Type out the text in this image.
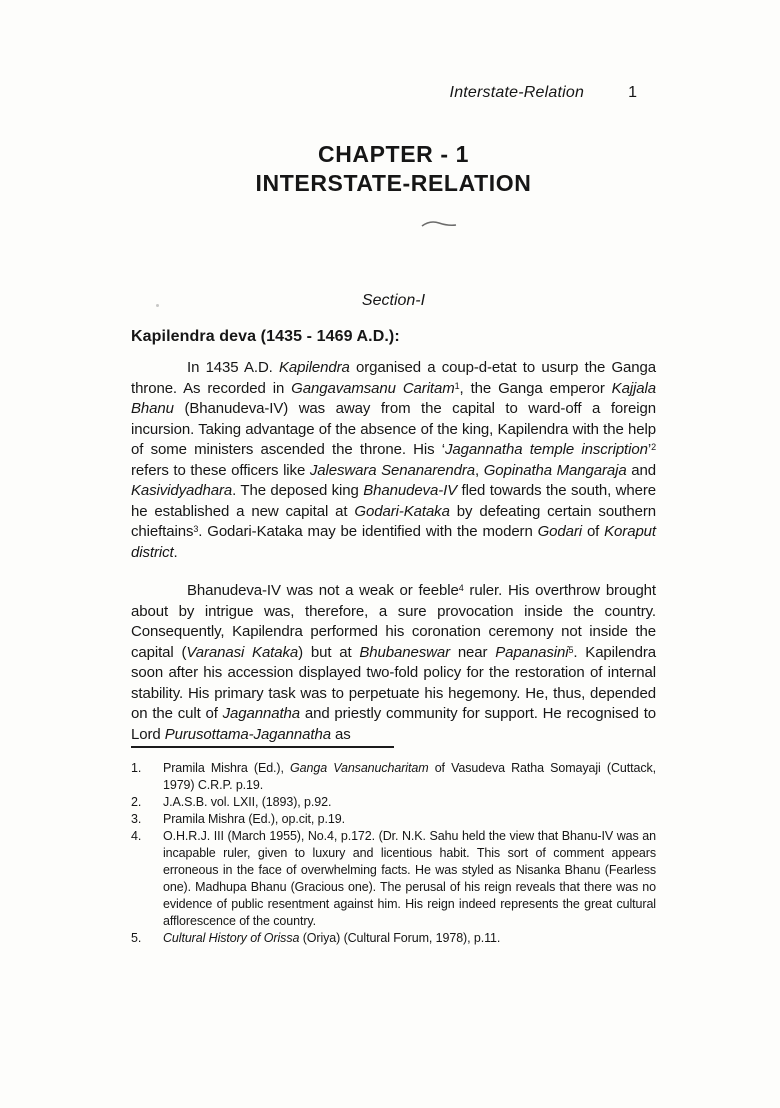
Interstate-Relation	1
CHAPTER - 1
INTERSTATE-RELATION
Section-I
Kapilendra deva (1435 - 1469 A.D.):

In 1435 A.D. Kapilendra organised a coup-d-etat to usurp the Ganga throne. As recorded in Gangavamsanu Caritam$^1$, the Ganga emperor Kajjala Bhanu (Bhanudeva-IV) was away from the capital to ward-off a foreign incursion. Taking advantage of the absence of the king, Kapilendra with the help of some ministers ascended the throne. His ‘Jagannatha temple inscription’$^2$ refers to these officers like Jaleswara Senanarendra, Gopinatha Mangaraja and Kasividyadhara. The deposed king Bhanudeva-IV fled towards the south, where he established a new capital at Godari-Kataka by defeating certain southern chieftains$^3$. Godari-Kataka may be identified with the modern Godari of Koraput district.

Bhanudeva-IV was not a weak or feeble$^4$ ruler. His overthrow brought about by intrigue was, therefore, a sure provocation inside the country. Consequently, Kapilendra performed his coronation ceremony not inside the capital (Varanasi Kataka) but at Bhubaneswar near Papanasini$^5$. Kapilendra soon after his accession displayed two-fold policy for the restoration of internal stability. His primary task was to perpetuate his hegemony. He, thus, depended on the cult of Jagannatha and priestly community for support. He recognised to Lord Purusottama-Jagannatha as

1.	Pramila Mishra (Ed.), Ganga Vansanucharitam of Vasudeva Ratha Somayaji (Cuttack, 1979) C.R.P. p.19.
2.	J.A.S.B. vol. LXII, (1893), p.92.
3.	Pramila Mishra (Ed.), op.cit, p.19.
4.	O.H.R.J. III (March 1955), No.4, p.172. (Dr. N.K. Sahu held the view that Bhanu-IV was an incapable ruler, given to luxury and licentious habit. This sort of comment appears erroneous in the face of overwhelming facts. He was styled as Nisanka Bhanu (Fearless one). Madhupa Bhanu (Gracious one). The perusal of his reign reveals that there was no evidence of public resentment against him. His reign indeed represents the great cultural afflorescence of the country.
5.	Cultural History of Orissa (Oriya) (Cultural Forum, 1978), p.11.
